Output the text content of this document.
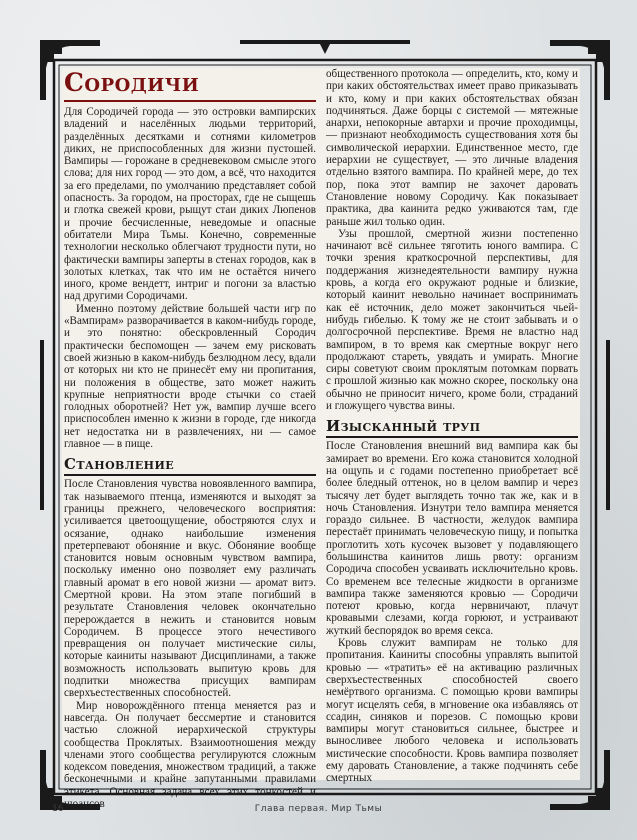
Сородичи

Для Сородичей города — это островки вампирских владений и населённых людьми территорий, разделённых десятками и сотнями километров диких, не приспособленных для жизни пустошей. Вампиры — горожане в средневековом смысле этого слова; для них город — это дом, а всё, что находится за его пределами, по умолчанию представляет собой опасность. За городом, на просторах, где не сыщешь и глотка свежей крови, рыщут стаи диких Люпенов и прочие бесчисленные, неведомые и опасные обитатели Мира Тьмы. Конечно, современные технологии несколько облегчают трудности пути, но фактически вампиры заперты в стенах городов, как в золотых клетках, так что им не остаётся ничего иного, кроме вендетт, интриг и погони за властью над другими Сородичами.

Именно поэтому действие большей части игр по «Вампирам» разворачивается в каком-нибудь городе, и это понятно: обескровленный Сородич практически беспомощен — зачем ему рисковать своей жизнью в каком-нибудь безлюдном лесу, вдали от которых ни кто не принесёт ему ни пропитания, ни положения в обществе, зато может нажить крупные неприятности вроде стычки со стаей голодных оборотней? Нет уж, вампир лучше всего приспособлен именно к жизни в городе, где никогда нет недостатка ни в развлечениях, ни — самое главное — в пище.

Становление

После Становления чувства новоявленного вампира, так называемого птенца, изменяются и выходят за границы прежнего, человеческого восприятия: усиливается цветоощущение, обостряются слух и осязание, однако наибольшие изменения претерпевают обоняние и вкус. Обоняние вообще становится новым основным чувством вампира, поскольку именно оно позволяет ему различать главный аромат в его новой жизни — аромат витэ. Смертной крови. На этом этапе погибший в результате Становления человек окончательно перерождается в нежить и становится новым Сородичем. В процессе этого нечестивого превращения он получает мистические силы, которые каиниты называют Дисциплинами, а также возможность использовать выпитую кровь для подпитки множества присущих вампирам сверхъестественных способностей.

Мир новорождённого птенца меняется раз и навсегда. Он получает бессмертие и становится частью сложной иерархической структуры сообщества Проклятых. Взаимоотношения между членами этого сообщества регулируются сложным кодексом поведения, множеством традиций, а также бесконечными и крайне запутанными правилами этикета. Основная задача всех этих тонкостей и нюансов

общественного протокола — определить, кто, кому и при каких обстоятельствах имеет право приказывать и кто, кому и при каких обстоятельствах обязан подчиняться. Даже борцы с системой — мятежные анархи, непокорные автархи и прочие проходимцы, — признают необходимость существования хотя бы символической иерархии. Единственное место, где иерархии не существует, — это личные владения отдельно взятого вампира. По крайней мере, до тех пор, пока этот вампир не захочет даровать Становление новому Сородичу. Как показывает практика, два каинита редко уживаются там, где раньше жил только один.

Узы прошлой, смертной жизни постепенно начинают всё сильнее тяготить юного вампира. С точки зрения краткосрочной перспективы, для поддержания жизнедеятельности вампиру нужна кровь, а когда его окружают родные и близкие, который каинит невольно начинает воспринимать как её источник, дело может закончиться чьей-нибудь гибелью. К тому же не стоит забывать и о долгосрочной перспективе. Время не властно над вампиром, в то время как смертные вокруг него продолжают стареть, увядать и умирать. Многие сиры советуют своим проклятым потомкам порвать с прошлой жизнью как можно скорее, поскольку она обычно не приносит ничего, кроме боли, страданий и гложущего чувства вины.

Изысканный труп

После Становления внешний вид вампира как бы замирает во времени. Его кожа становится холодной на ощупь и с годами постепенно приобретает всё более бледный оттенок, но в целом вампир и через тысячу лет будет выглядеть точно так же, как и в ночь Становления. Изнутри тело вампира меняется гораздо сильнее. В частности, желудок вампира перестаёт принимать человеческую пищу, и попытка проглотить хоть кусочек вызовет у подавляющего большинства каинитов лишь рвоту: организм Сородича способен усваивать исключительно кровь. Со временем все телесные жидкости в организме вампира также заменяются кровью — Сородичи потеют кровью, когда нервничают, плачут кровавыми слезами, когда горюют, и устраивают жуткий беспорядок во время секса.

Кровь служит вампирам не только для пропитания. Каиниты способны управлять выпитой кровью — «тратить» её на активацию различных сверхъестественных способностей своего немёртвого организма. С помощью крови вампиры могут исцелять себя, в мгновение ока избавляясь от ссадин, синяков и порезов. С помощью крови вампиры могут становиться сильнее, быстрее и выносливее любого человека и использовать мистические способности. Кровь вампира позволяет ему даровать Становление, а также подчинять себе смертных

16	Глава первая. Мир Тьмы
